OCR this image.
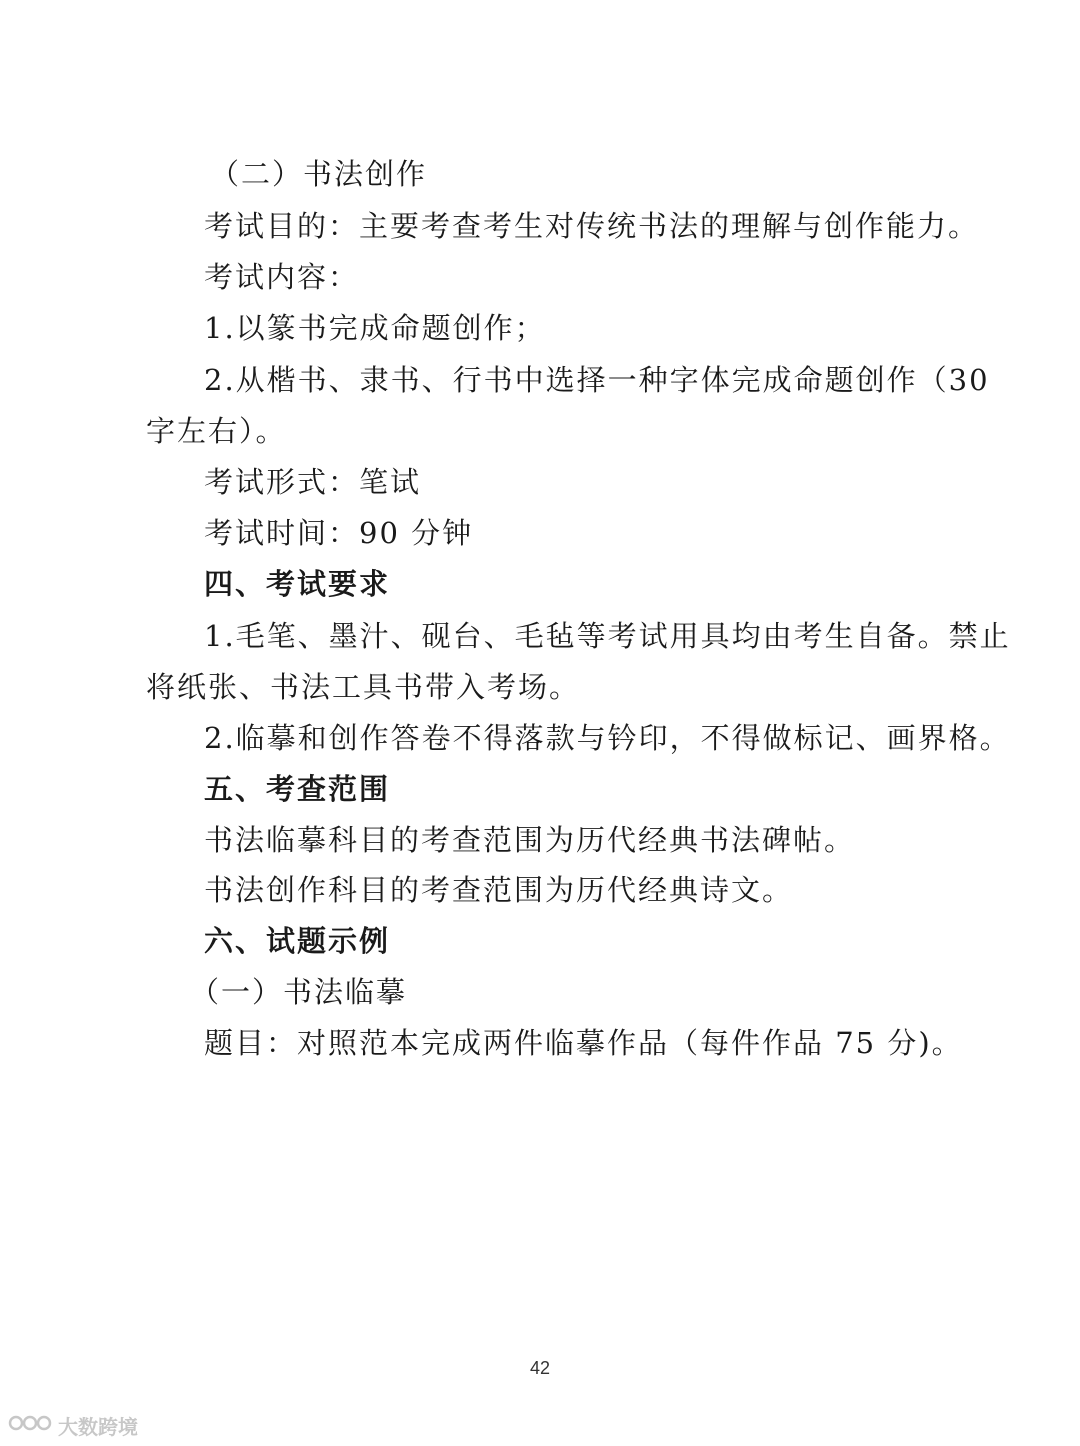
（二）书法创作
考试目的：主要考查考生对传统书法的理解与创作能力。
考试内容：
1.以篆书完成命题创作；
2.从楷书、隶书、行书中选择一种字体完成命题创作（30
字左右）。
考试形式：笔试
考试时间：90 分钟
四、考试要求
1.毛笔、墨汁、砚台、毛毡等考试用具均由考生自备。禁止
将纸张、书法工具书带入考场。
2.临摹和创作答卷不得落款与钤印，不得做标记、画界格。
五、考查范围
书法临摹科目的考查范围为历代经典书法碑帖。
书法创作科目的考查范围为历代经典诗文。
六、试题示例
（一）书法临摹
题目：对照范本完成两件临摹作品（每件作品 75 分)。
42
大数跨境
